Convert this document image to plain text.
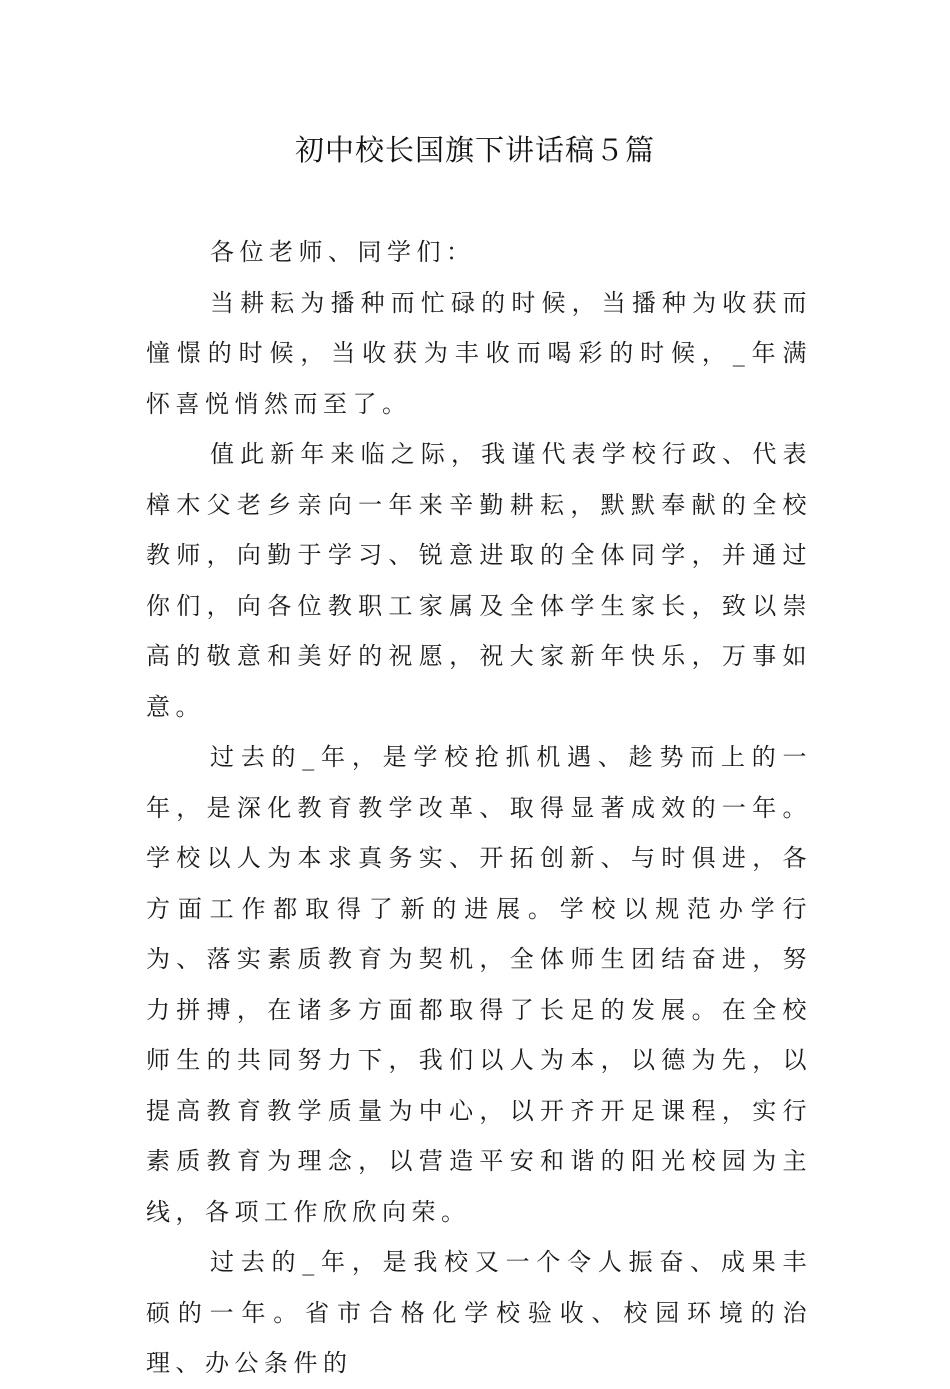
初中校长国旗下讲话稿５篇

各位老师、同学们：

当耕耘为播种而忙碌的时候，当播种为收获而憧憬的时候，当收获为丰收而喝彩的时候，_年满怀喜悦悄然而至了。

值此新年来临之际，我谨代表学校行政、代表樟木父老乡亲向一年来辛勤耕耘，默默奉献的全校教师，向勤于学习、锐意进取的全体同学，并通过你们，向各位教职工家属及全体学生家长，致以崇高的敬意和美好的祝愿，祝大家新年快乐，万事如意。

过去的_年，是学校抢抓机遇、趁势而上的一年，是深化教育教学改革、取得显著成效的一年。学校以人为本求真务实、开拓创新、与时俱进，各方面工作都取得了新的进展。学校以规范办学行为、落实素质教育为契机，全体师生团结奋进，努力拼搏，在诸多方面都取得了长足的发展。在全校师生的共同努力下，我们以人为本，以德为先，以提高教育教学质量为中心，以开齐开足课程，实行素质教育为理念，以营造平安和谐的阳光校园为主线，各项工作欣欣向荣。

过去的_年，是我校又一个令人振奋、成果丰硕的一年。省市合格化学校验收、校园环境的治理、办公条件的
